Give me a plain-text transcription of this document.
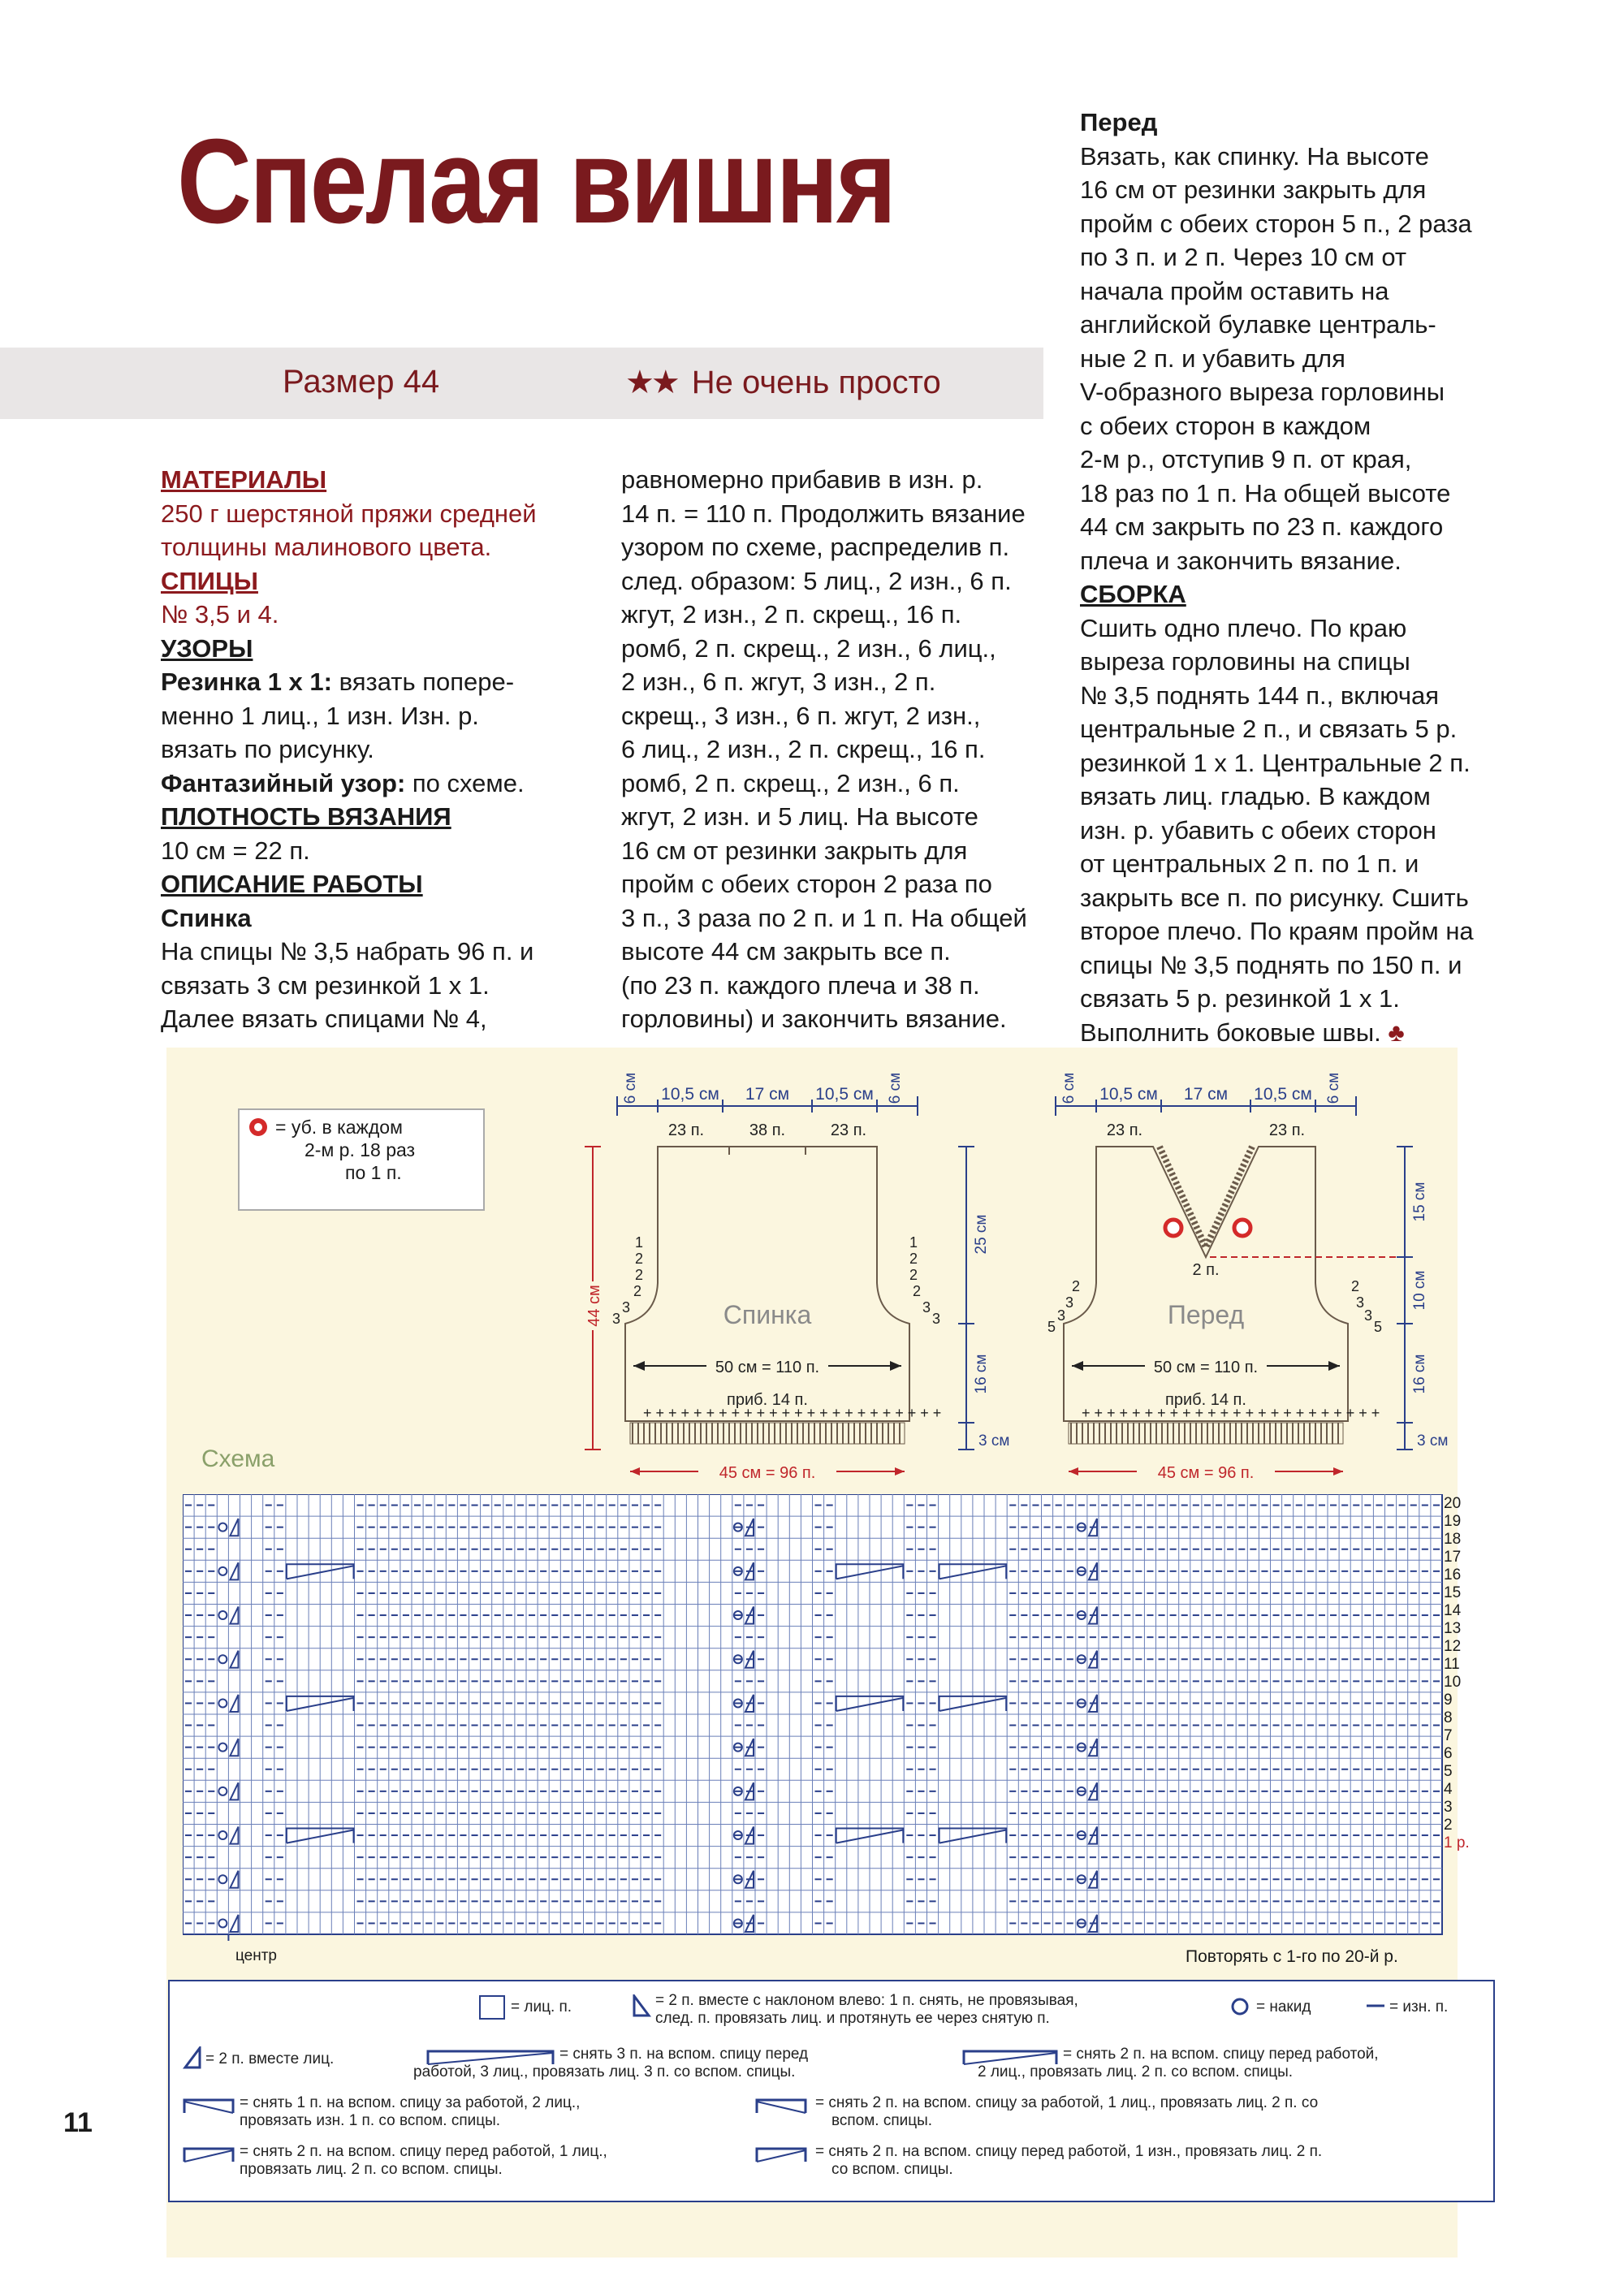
Спелая вишня
Размер 44	★★ Не очень просто

МАТЕРИАЛЫ

250 г шерстяной пряжи средней

толщины малинового цвета.

СПИЦЫ

№ 3,5 и 4.

УЗОРЫ

Резинка 1 х 1: вязать попере-

менно 1 лиц., 1 изн. Изн. р.

вязать по рисунку.

Фантазийный узор: по схеме.

ПЛОТНОСТЬ ВЯЗАНИЯ

10 см = 22 п.

ОПИСАНИЕ РАБОТЫ

Спинка

На спицы № 3,5 набрать 96 п. и

связать 3 см резинкой 1 х 1.

Далее вязать спицами № 4,

равномерно прибавив в изн. р.

14 п. = 110 п. Продолжить вязание

узором по схеме, распределив п.

след. образом: 5 лиц., 2 изн., 6 п.

жгут, 2 изн., 2 п. скрещ., 16 п.

ромб, 2 п. скрещ., 2 изн., 6 лиц.,

2 изн., 6 п. жгут, 3 изн., 2 п.

скрещ., 3 изн., 6 п. жгут, 2 изн.,

6 лиц., 2 изн., 2 п. скрещ., 16 п.

ромб, 2 п. скрещ., 2 изн., 6 п.

жгут, 2 изн. и 5 лиц. На высоте

16 см от резинки закрыть для

пройм с обеих сторон 2 раза по

3 п., 3 раза по 2 п. и 1 п. На общей

высоте 44 см закрыть все п.

(по 23 п. каждого плеча и 38 п.

горловины) и закончить вязание.

Перед

Вязать, как спинку. На высоте

16 см от резинки закрыть для

пройм с обеих сторон 5 п., 2 раза

по 3 п. и 2 п. Через 10 см от

начала пройм оставить на

английской булавке централь-

ные 2 п. и убавить для

V-образного выреза горловины

с обеих сторон в каждом

2-м р., отступив 9 п. от края,

18 раз по 1 п. На общей высоте

44 см закрыть по 23 п. каждого

плеча и закончить вязание.

СБОРКА

Сшить одно плечо. По краю

выреза горловины на спицы

№ 3,5 поднять 144 п., включая

центральные 2 п., и связать 5 р.

резинкой 1 х 1. Центральные 2 п.

вязать лиц. гладью. В каждом

изн. р. убавить с обеих сторон

от центральных 2 п. по 1 п. и

закрыть все п. по рисунку. Сшить

второе плечо. По краям пройм на

спицы № 3,5 поднять по 150 п. и

связать 5 р. резинкой 1 х 1.

Выполнить боковые швы. ♣

= уб. в каждом
2-м р. 18 раз
по 1 п.
6 см 10,5 см 17 см 10,5 см 6 см
23 п.	38 п.	23 п.
+ + + + + + + + + + + + + + + + + + + + + + + +
1
2
2
2
3
3
1
2
2
2
3
3
Спинка
50 см = 110 п.
приб. 14 п.
44 см
25 см
16 см
3 см
45 см = 96 п.
6 см 10,5 см 17 см 10,5 см 6 см
23 п.	23 п.
2 п.
+ + + + + + + + + + + + + + + + + + + + + + + +
2
3
3
5
2
3
3
5
Перед
50 см = 110 п.
приб. 14 п.
15 см
10 см
16 см
3 см
45 см = 96 п.
Схема
20
19
18
17
16
15
14
13
12
11
10
9
8
7
6
5
4
3
2
1 р.
центр	Повторять с 1-го по 20-й р.
= лиц. п.	= 2 п. вместе с наклоном влево: 1 п. снять, не провязывая,
след. п. провязать лиц. и протянуть ее через снятую п.
= накид	= изн. п.
= 2 п. вместе лиц.	= снять 3 п. на вспом. спицу перед
работой, 3 лиц., провязать лиц. 3 п. со вспом. спицы.
= снять 2 п. на вспом. спицу перед работой,
2 лиц., провязать лиц. 2 п. со вспом. спицы.
= снять 1 п. на вспом. спицу за работой, 2 лиц.,
провязать изн. 1 п. со вспом. спицы.
= снять 2 п. на вспом. спицу за работой, 1 лиц., провязать лиц. 2 п. со
вспом. спицы.
= снять 2 п. на вспом. спицу перед работой, 1 лиц.,
провязать лиц. 2 п. со вспом. спицы.
= снять 2 п. на вспом. спицу перед работой, 1 изн., провязать лиц. 2 п.
со вспом. спицы.
11
